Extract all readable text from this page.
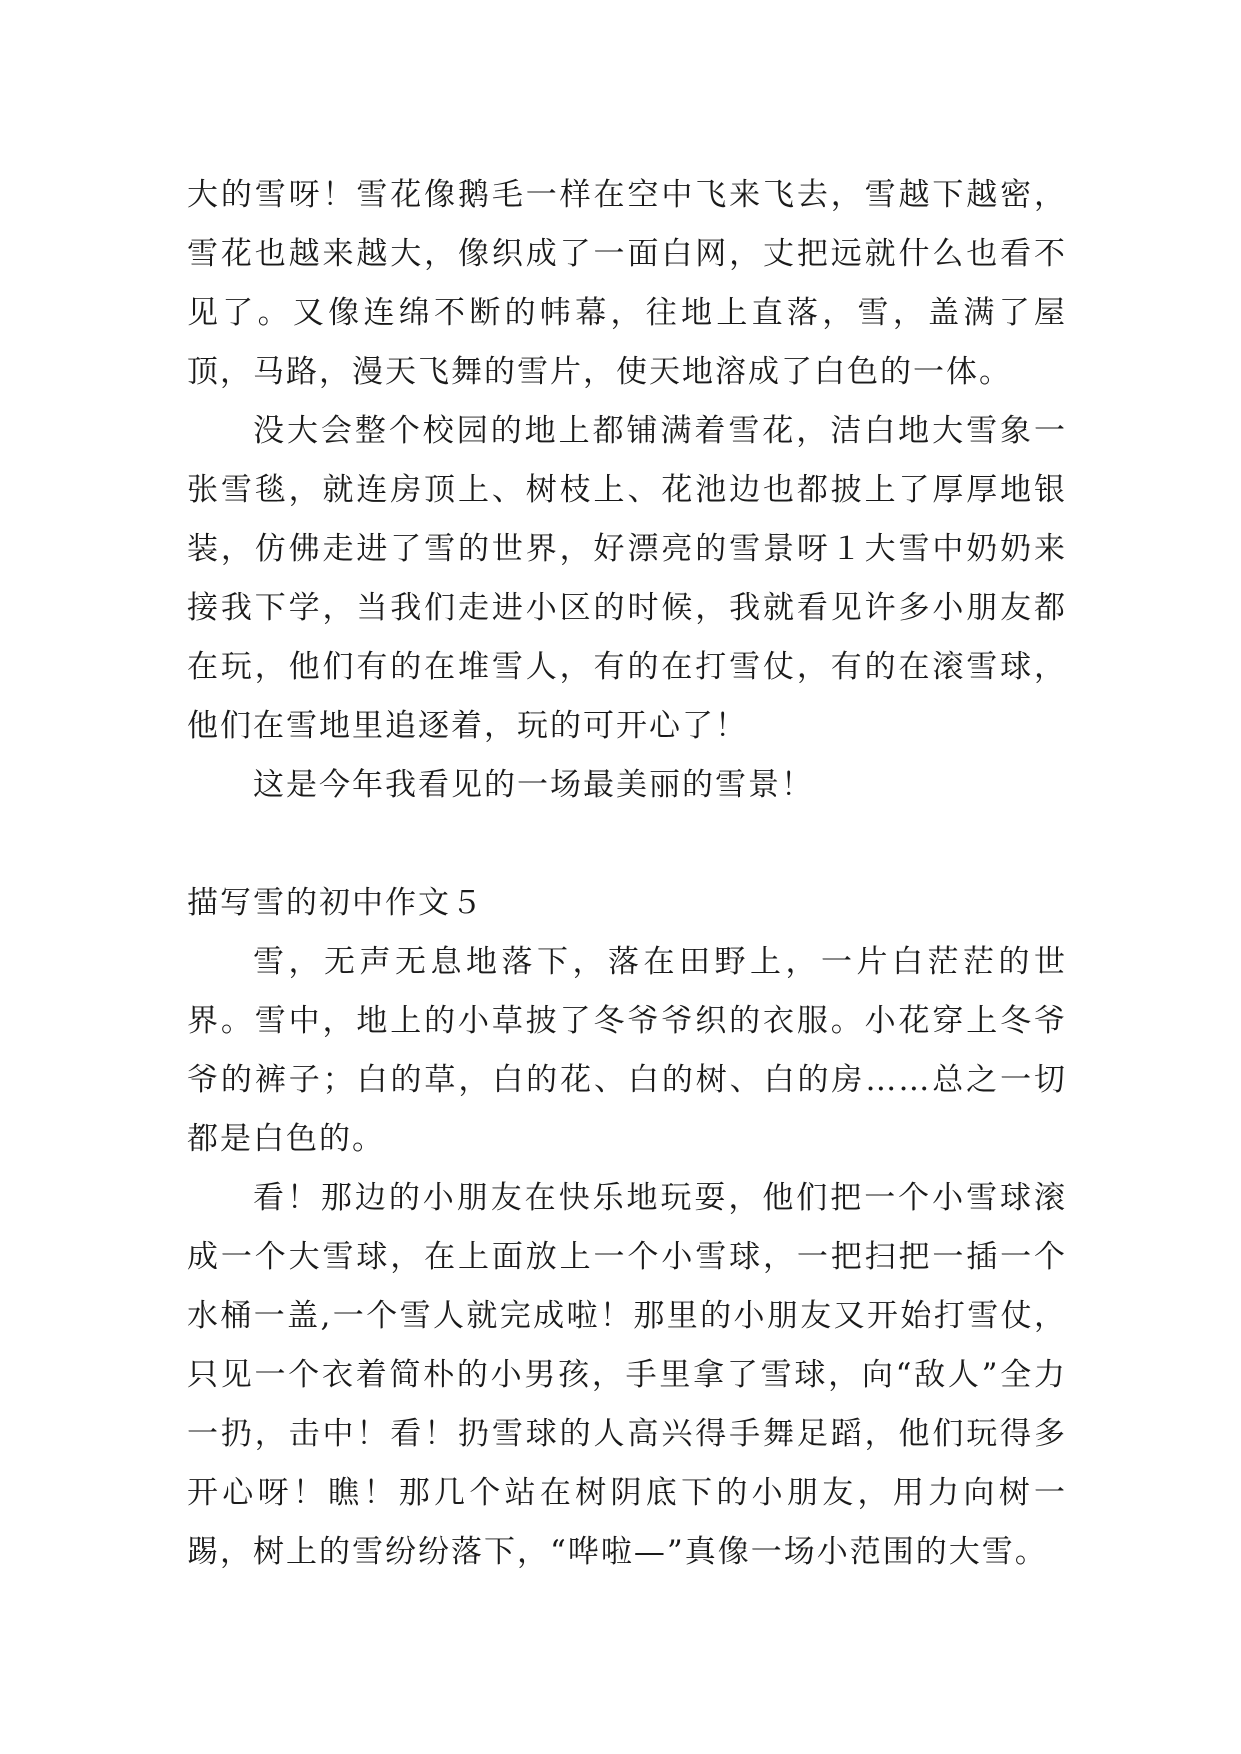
大的雪呀！雪花像鹅毛一样在空中飞来飞去，雪越下越密，雪花也越来越大，像织成了一面白网，丈把远就什么也看不见了。又像连绵不断的帏幕，往地上直落，雪，盖满了屋顶，马路，漫天飞舞的雪片，使天地溶成了白色的一体。

没大会整个校园的地上都铺满着雪花，洁白地大雪象一张雪毯，就连房顶上、树枝上、花池边也都披上了厚厚地银装，仿佛走进了雪的世界，好漂亮的雪景呀１大雪中奶奶来接我下学，当我们走进小区的时候，我就看见许多小朋友都在玩，他们有的在堆雪人，有的在打雪仗，有的在滚雪球，他们在雪地里追逐着，玩的可开心了！

这是今年我看见的一场最美丽的雪景！

描写雪的初中作文５

雪，无声无息地落下，落在田野上，一片白茫茫的世界。雪中，地上的小草披了冬爷爷织的衣服。小花穿上冬爷爷的裤子；白的草，白的花、白的树、白的房……总之一切都是白色的。

看！那边的小朋友在快乐地玩耍，他们把一个小雪球滚成一个大雪球，在上面放上一个小雪球，一把扫把一插一个水桶一盖,一个雪人就完成啦！那里的小朋友又开始打雪仗，只见一个衣着简朴的小男孩，手里拿了雪球，向“敌人”全力一扔，击中！看！扔雪球的人高兴得手舞足蹈，他们玩得多开心呀！瞧！那几个站在树阴底下的小朋友，用力向树一踢，树上的雪纷纷落下，“哗啦—”真像一场小范围的大雪。
